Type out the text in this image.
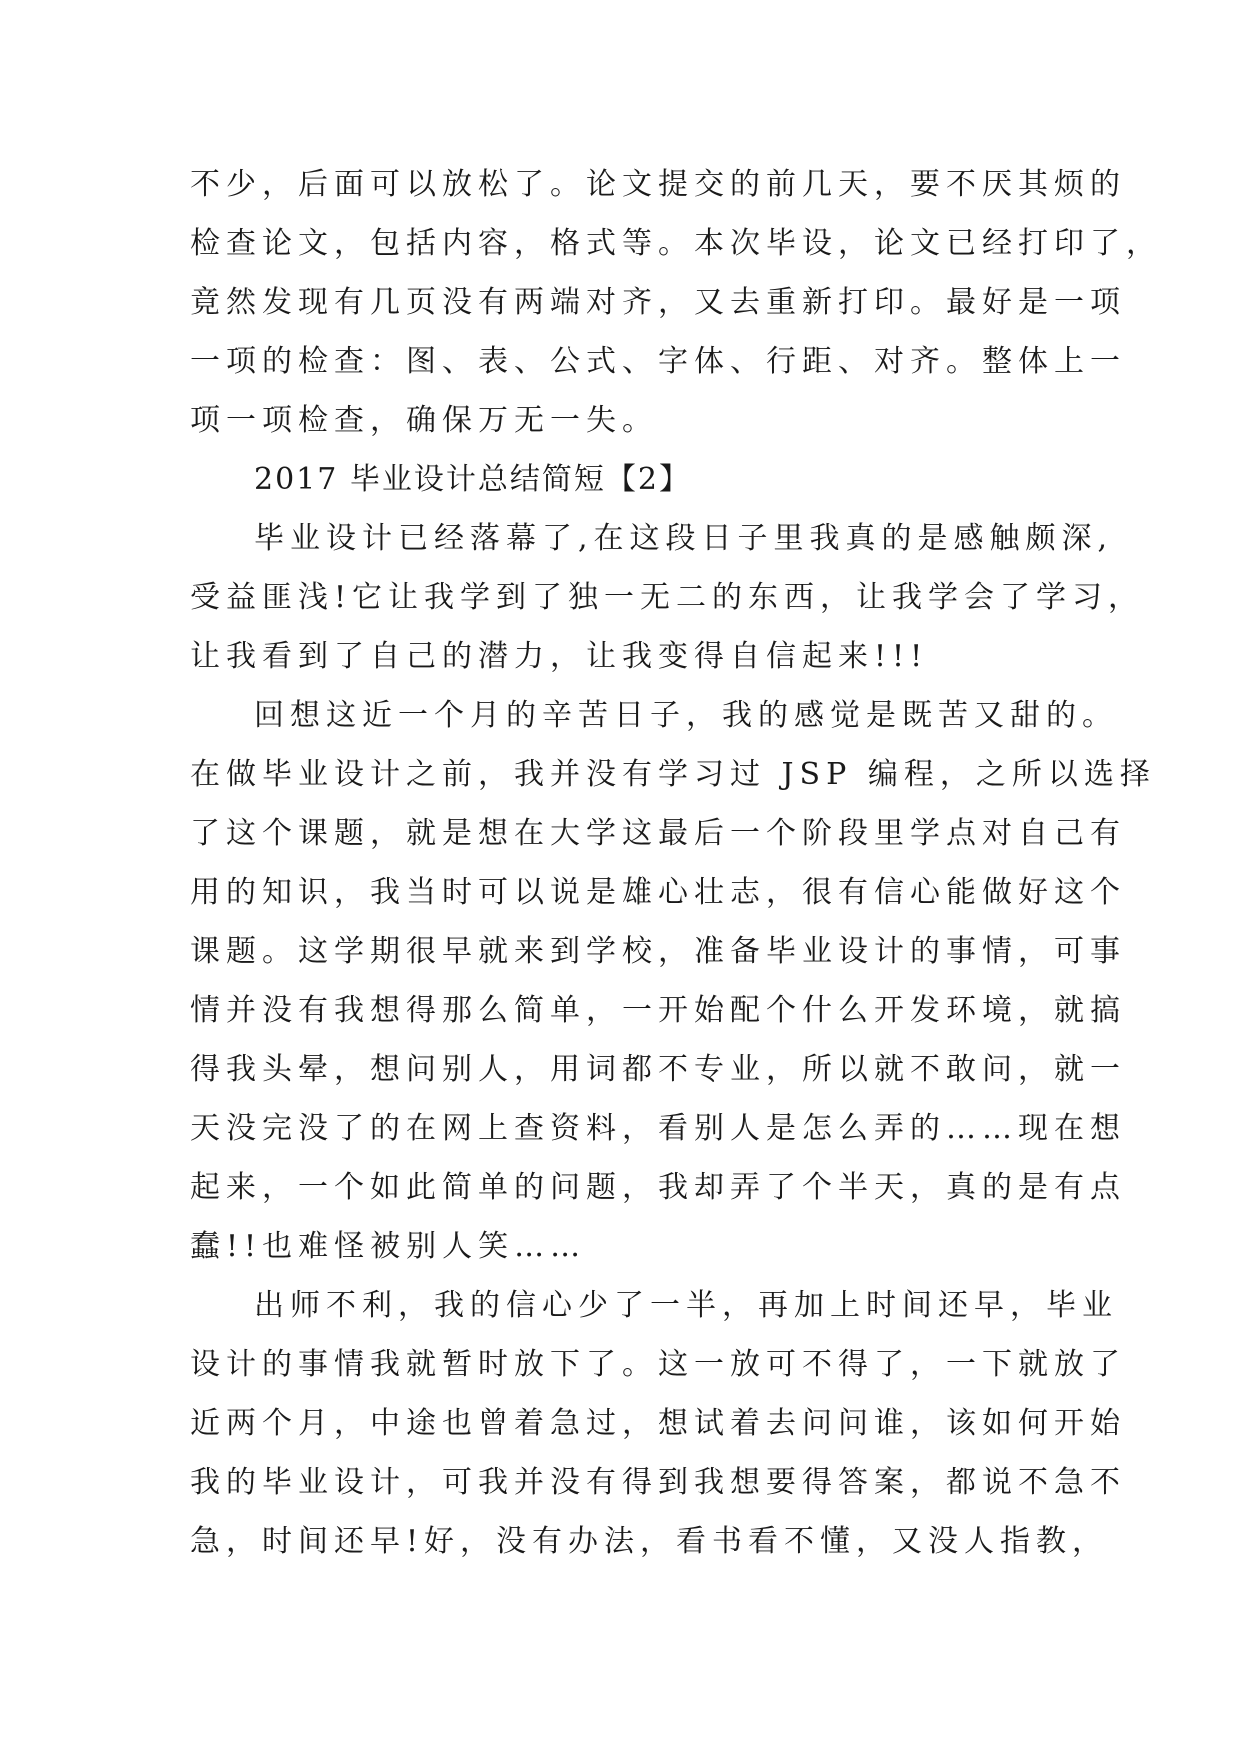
不少，后面可以放松了。论文提交的前几天，要不厌其烦的
检查论文，包括内容，格式等。本次毕设，论文已经打印了，
竟然发现有几页没有两端对齐，又去重新打印。最好是一项
一项的检查：图、表、公式、字体、行距、对齐。整体上一
项一项检查，确保万无一失。
2017 毕业设计总结简短【2】
毕业设计已经落幕了,在这段日子里我真的是感触颇深,
受益匪浅!它让我学到了独一无二的东西，让我学会了学习，
让我看到了自己的潜力，让我变得自信起来!!!
回想这近一个月的辛苦日子，我的感觉是既苦又甜的。
在做毕业设计之前，我并没有学习过 JSP 编程，之所以选择
了这个课题，就是想在大学这最后一个阶段里学点对自己有
用的知识，我当时可以说是雄心壮志，很有信心能做好这个
课题。这学期很早就来到学校，准备毕业设计的事情，可事
情并没有我想得那么简单，一开始配个什么开发环境，就搞
得我头晕，想问别人，用词都不专业，所以就不敢问，就一
天没完没了的在网上查资料，看别人是怎么弄的……现在想
起来，一个如此简单的问题，我却弄了个半天，真的是有点
蠢!!也难怪被别人笑……
出师不利，我的信心少了一半，再加上时间还早，毕业
设计的事情我就暂时放下了。这一放可不得了，一下就放了
近两个月，中途也曾着急过，想试着去问问谁，该如何开始
我的毕业设计，可我并没有得到我想要得答案，都说不急不
急，时间还早!好，没有办法，看书看不懂，又没人指教，
